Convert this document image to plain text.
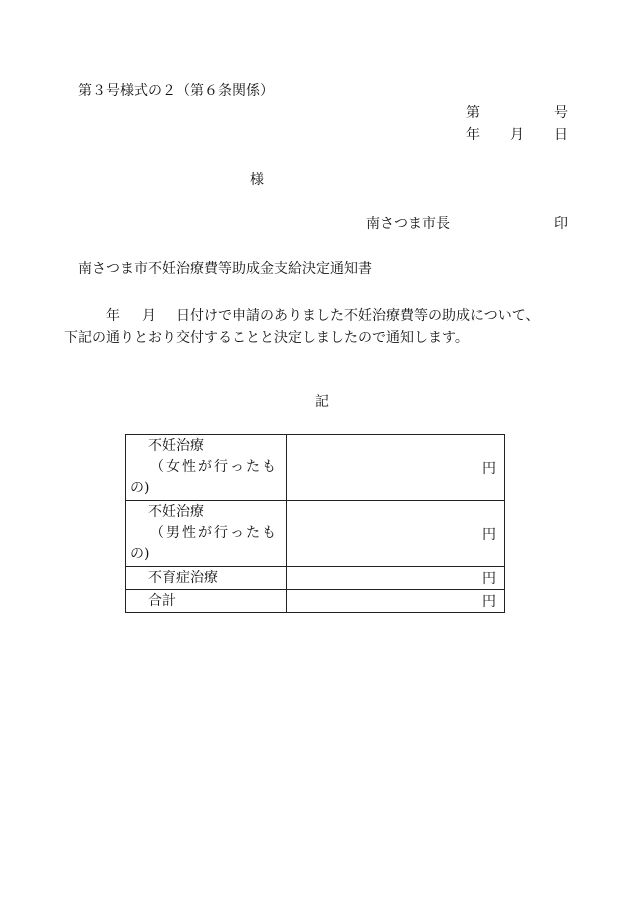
第３号様式の２（第６条関係）
第	号
年 月 日
様
南さつま市長	印
南さつま市不妊治療費等助成金支給決定通知書
年 月 日付けで申請のありました不妊治療費等の助成について、
下記の通りとおり交付することと決定しましたので通知します。
記
不妊治療
（女性が行ったも
の)	円

不妊治療
（男性が行ったも
の)	円

不育症治療	円

合計	円
